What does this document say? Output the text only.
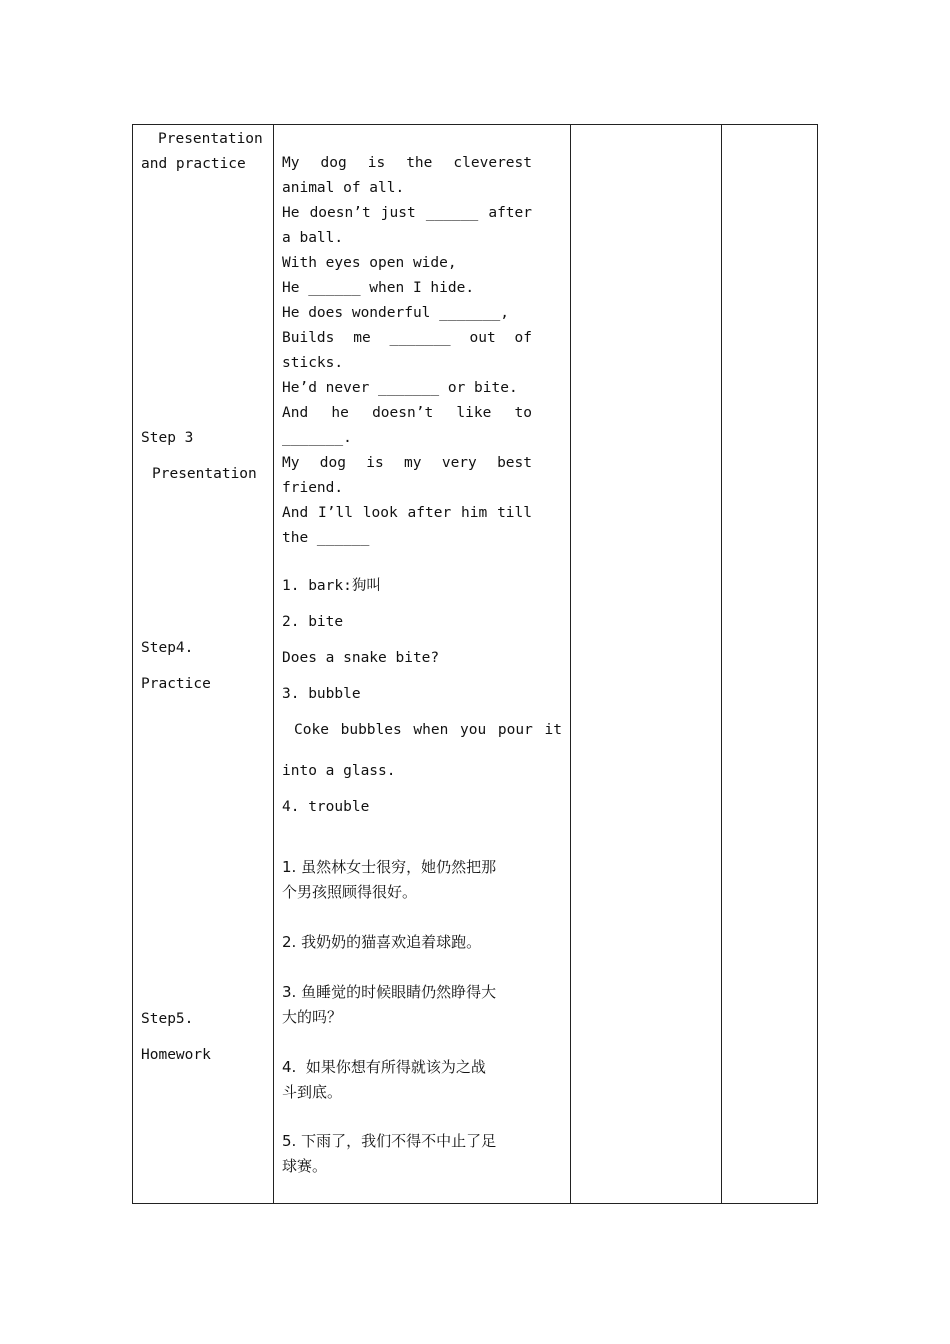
Presentation
and practice
Step 3
Presentation
Step4.
Practice
Step5.
Homework
My dog is the cleverest
animal of all.
He doesn’t just ______ after
a ball.
With eyes open wide,
He ______ when I hide.
He does wonderful _______,
Builds me _______ out of
sticks.
He’d never _______ or bite.
And he doesn’t like to
_______.
My dog is my very best
friend.
And I’ll look after him till
the ______
1. bark:狗叫
2. bite
Does a snake bite?
3. bubble
Coke bubbles when you pour it
into a glass.
4. trouble
1. 虽然林女士很穷，她仍然把那
个男孩照顾得很好。
2. 我奶奶的猫喜欢追着球跑。
3. 鱼睡觉的时候眼睛仍然睁得大
大的吗？
4.  如果你想有所得就该为之战
斗到底。
5. 下雨了，我们不得不中止了足
球赛。
